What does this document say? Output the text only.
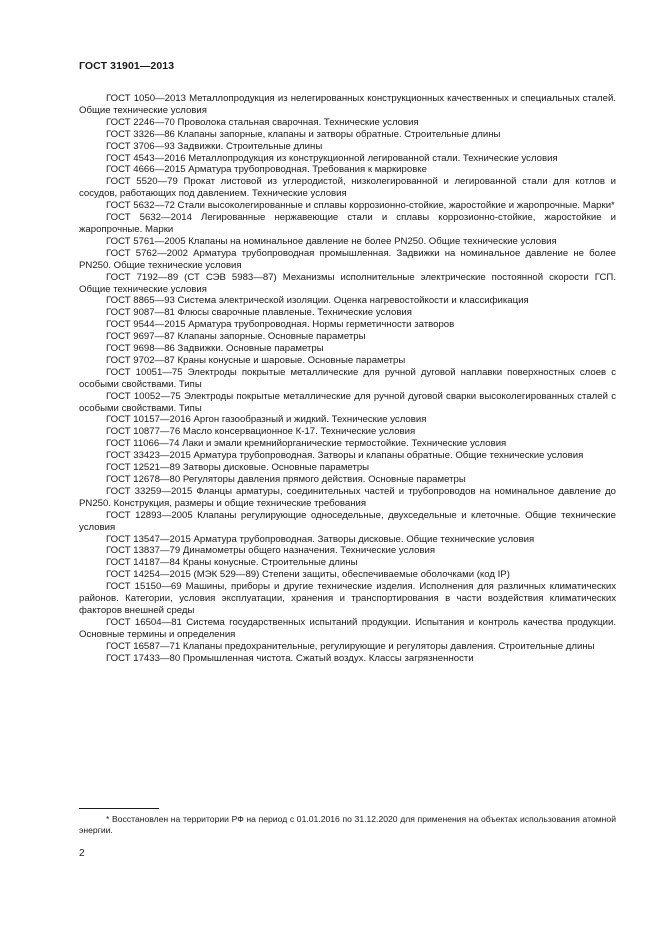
ГОСТ 31901—2013

ГОСТ 1050—2013 Металлопродукция из нелегированных конструкционных качественных и специальных сталей. Общие технические условия

ГОСТ 2246—70 Проволока стальная сварочная. Технические условия

ГОСТ 3326—86 Клапаны запорные, клапаны и затворы обратные. Строительные длины

ГОСТ 3706—93 Задвижки. Строительные длины

ГОСТ 4543—2016 Металлопродукция из конструкционной легированной стали. Технические условия

ГОСТ 4666—2015 Арматура трубопроводная. Требования к маркировке

ГОСТ 5520—79 Прокат листовой из углеродистой, низколегированной и легированной стали для котлов и сосудов, работающих под давлением. Технические условия

ГОСТ 5632—72 Стали высоколегированные и сплавы коррозионно-стойкие, жаростойкие и жаропрочные. Марки*

ГОСТ 5632—2014 Легированные нержавеющие стали и сплавы коррозионно-стойкие, жаростойкие и жаропрочные. Марки

ГОСТ 5761—2005 Клапаны на номинальное давление не более PN250. Общие технические условия

ГОСТ 5762—2002 Арматура трубопроводная промышленная. Задвижки на номинальное давление не более PN250. Общие технические условия

ГОСТ 7192—89 (СТ СЭВ 5983—87) Механизмы исполнительные электрические постоянной скорости ГСП. Общие технические условия

ГОСТ 8865—93 Система электрической изоляции. Оценка нагревостойкости и классификация

ГОСТ 9087—81 Флюсы сварочные плавленые. Технические условия

ГОСТ 9544—2015 Арматура трубопроводная. Нормы герметичности затворов

ГОСТ 9697—87 Клапаны запорные. Основные параметры

ГОСТ 9698—86 Задвижки. Основные параметры

ГОСТ 9702—87 Краны конусные и шаровые. Основные параметры

ГОСТ 10051—75 Электроды покрытые металлические для ручной дуговой наплавки поверхностных слоев с особыми свойствами. Типы

ГОСТ 10052—75 Электроды покрытые металлические для ручной дуговой сварки высоколегированных сталей с особыми свойствами. Типы

ГОСТ 10157—2016 Аргон газообразный и жидкий. Технические условия

ГОСТ 10877—76 Масло консервационное К-17. Технические условия

ГОСТ 11066—74 Лаки и эмали кремнийорганические термостойкие. Технические условия

ГОСТ 33423—2015 Арматура трубопроводная. Затворы и клапаны обратные. Общие технические условия

ГОСТ 12521—89 Затворы дисковые. Основные параметры

ГОСТ 12678—80 Регуляторы давления прямого действия. Основные параметры

ГОСТ 33259—2015 Фланцы арматуры, соединительных частей и трубопроводов на номинальное давление до PN250. Конструкция, размеры и общие технические требования

ГОСТ 12893—2005 Клапаны регулирующие односедельные, двухседельные и клеточные. Общие технические условия

ГОСТ 13547—2015 Арматура трубопроводная. Затворы дисковые. Общие технические условия

ГОСТ 13837—79 Динамометры общего назначения. Технические условия

ГОСТ 14187—84 Краны конусные. Строительные длины

ГОСТ 14254—2015 (МЭК 529—89) Степени защиты, обеспечиваемые оболочками (код IP)

ГОСТ 15150—69 Машины, приборы и другие технические изделия. Исполнения для различных климатических районов. Категории, условия эксплуатации, хранения и транспортирования в части воздействия климатических факторов внешней среды

ГОСТ 16504—81 Система государственных испытаний продукции. Испытания и контроль качества продукции. Основные термины и определения

ГОСТ 16587—71 Клапаны предохранительные, регулирующие и регуляторы давления. Строительные длины

ГОСТ 17433—80 Промышленная чистота. Сжатый воздух. Классы загрязненности

* Восстановлен на территории РФ на период с 01.01.2016 по 31.12.2020 для применения на объектах использования атомной энергии.

2
